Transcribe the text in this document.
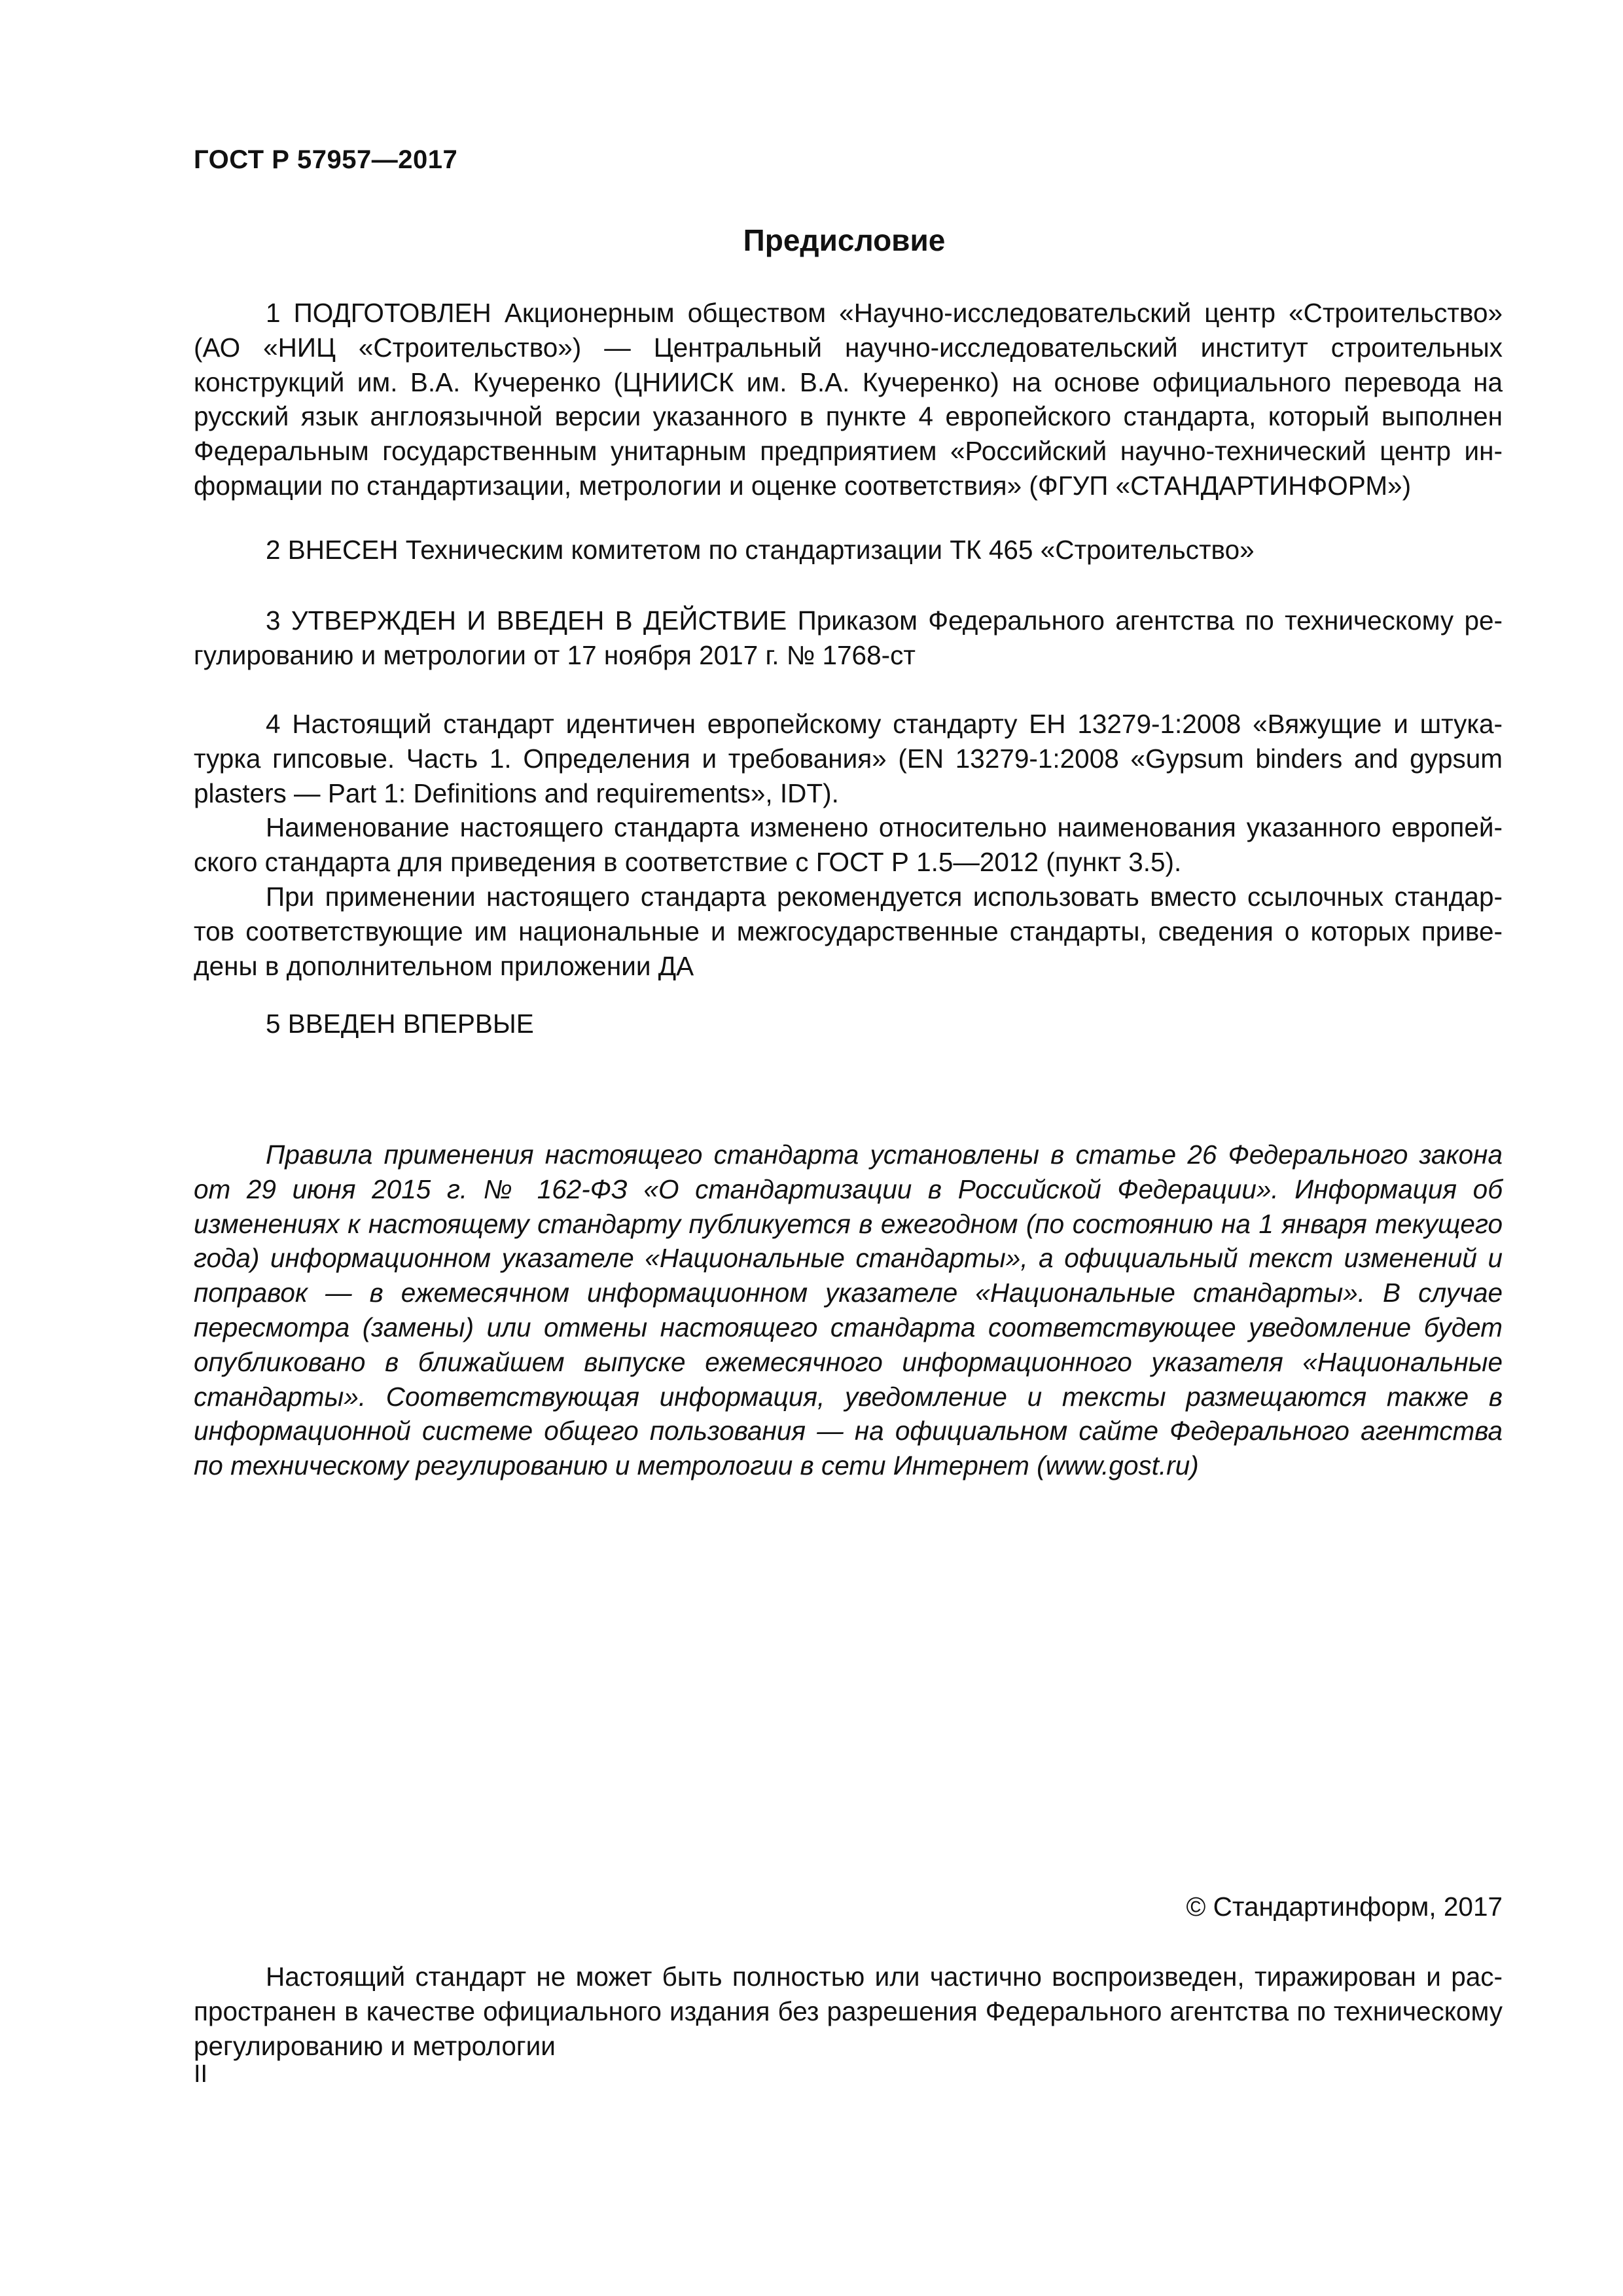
ГОСТ Р 57957—2017
Предисловие

1 ПОДГОТОВЛЕН Акционерным обществом «Научно-исследовательский центр «Строительство» (АО «НИЦ «Строительство») — Центральный научно-исследовательский институт строительных конструкций им. В.А. Кучеренко (ЦНИИСК им. В.А. Кучеренко) на основе официального перевода на русский язык англоязычной версии указанного в пункте 4 европейского стандарта, который выполнен Федеральным государственным унитарным предприятием «Российский научно-технический центр информации по стандартизации, метрологии и оценке соответствия» (ФГУП «СТАНДАРТИНФОРМ»)

2 ВНЕСЕН Техническим комитетом по стандартизации ТК 465 «Строительство»

3 УТВЕРЖДЕН И ВВЕДЕН В ДЕЙСТВИЕ Приказом Федерального агентства по техническому регулированию и метрологии от 17 ноября 2017 г. № 1768-ст

4 Настоящий стандарт идентичен европейскому стандарту ЕН 13279-1:2008 «Вяжущие и штукатурка гипсовые. Часть 1. Определения и требования» (EN 13279-1:2008 «Gypsum binders and gypsum plasters — Part 1: Definitions and requirements», IDT).

Наименование настоящего стандарта изменено относительно наименования указанного европейского стандарта для приведения в соответствие с ГОСТ Р 1.5—2012 (пункт 3.5).

При применении настоящего стандарта рекомендуется использовать вместо ссылочных стандартов соответствующие им национальные и межгосударственные стандарты, сведения о которых приведены в дополнительном приложении ДА

5 ВВЕДЕН ВПЕРВЫЕ

Правила применения настоящего стандарта установлены в статье 26 Федерального закона от 29 июня 2015 г. № 162-ФЗ «О стандартизации в Российской Федерации». Информация об изменениях к настоящему стандарту публикуется в ежегодном (по состоянию на 1 января текущего года) информационном указателе «Национальные стандарты», а официальный текст изменений и поправок — в ежемесячном информационном указателе «Национальные стандарты». В случае пересмотра (замены) или отмены настоящего стандарта соответствующее уведомление будет опубликовано в ближайшем выпуске ежемесячного информационного указателя «Национальные стандарты». Соответствующая информация, уведомление и тексты размещаются также в информационной системе общего пользования — на официальном сайте Федерального агентства по техническому регулированию и метрологии в сети Интернет (www.gost.ru)

© Стандартинформ, 2017

Настоящий стандарт не может быть полностью или частично воспроизведен, тиражирован и распространен в качестве официального издания без разрешения Федерального агентства по техническому регулированию и метрологии

II
